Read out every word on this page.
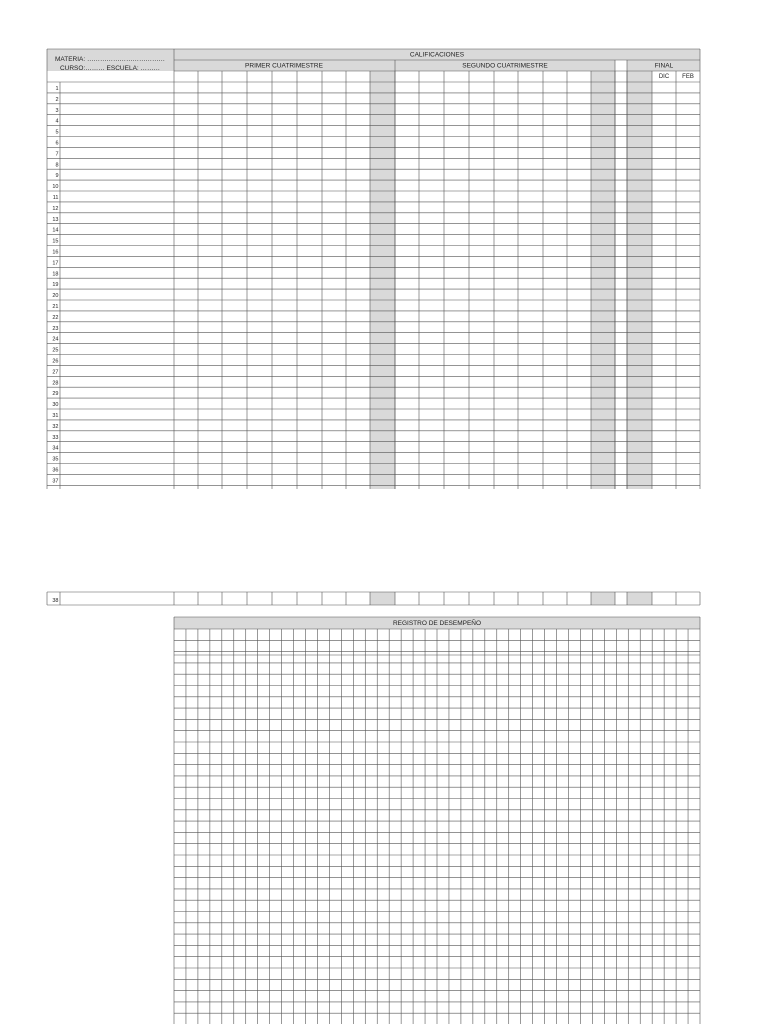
MATERIA: ………………………………
CURSO:……… ESCUELA: ………
CALIFICACIONES
PRIMER CUATRIMESTRE	SEGUNDO CUATRIMESTRE	FINAL
DIC FEB
REGISTRO DE DESEMPEÑO
1
2
3
4
5
6
7
8
9
10
11
12
13
14
15
16
17
18
19
20
21
22
23
24
25
26
27
28
29
30
31
32
33
34
35
36
37
38
